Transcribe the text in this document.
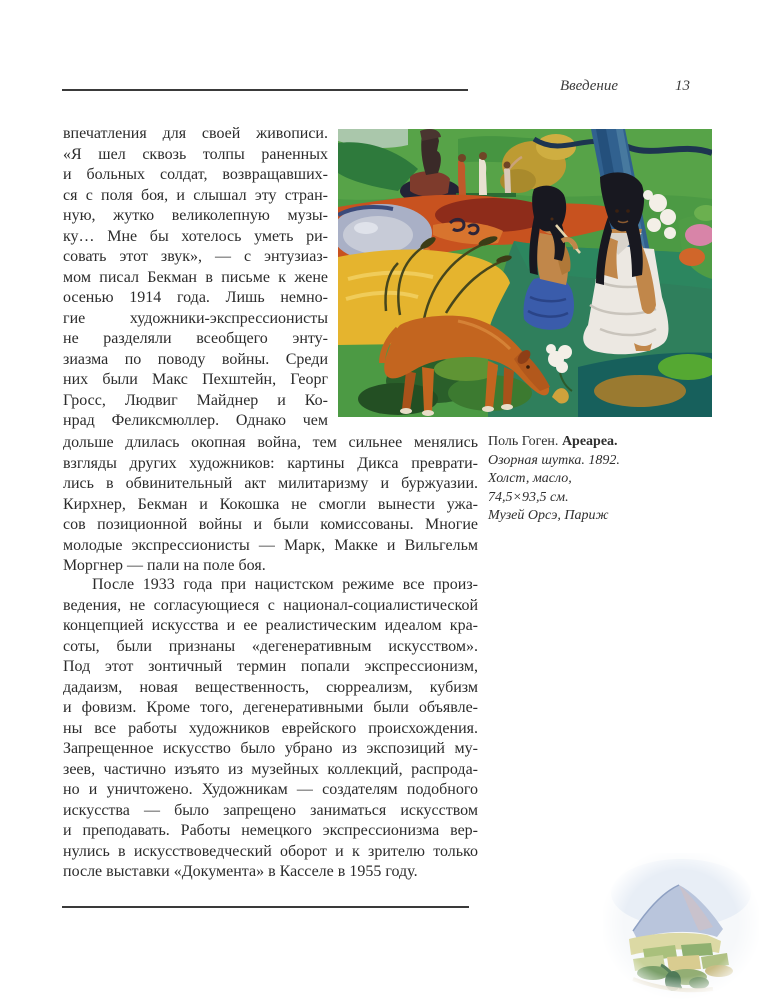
Введение	13
впечатления для своей живописи.
«Я шел сквозь толпы раненных
и больных солдат, возвращавших-
ся с поля боя, и слышал эту стран-
ную, жутко великолепную музы-
ку… Мне бы хотелось уметь ри-
совать этот звук», — с энтузиаз-
мом писал Бекман в письме к жене
осенью 1914 года. Лишь немно-
гие художники-экспрессионисты
не разделяли всеобщего энту-
зиазма по поводу войны. Среди
них были Макс Пехштейн, Георг
Гросс, Людвиг Майднер и Ко-
нрад Феликсмюллер. Однако чем
дольше длилась окопная война, тем сильнее менялись
взгляды других художников: картины Дикса преврати-
лись в обвинительный акт милитаризму и буржуазии.
Кирхнер, Бекман и Кокошка не смогли вынести ужа-
сов позиционной войны и были комиссованы. Многие
молодые экспрессионисты — Марк, Макке и Вильгельм
Моргнер — пали на поле боя.
После 1933 года при нацистском режиме все произ-
ведения, не согласующиеся с национал-социалистической
концепцией искусства и ее реалистическим идеалом кра-
соты, были признаны «дегенеративным искусством».
Под этот зонтичный термин попали экспрессионизм,
дадаизм, новая вещественность, сюрреализм, кубизм
и фовизм. Кроме того, дегенеративными были объявле-
ны все работы художников еврейского происхождения.
Запрещенное искусство было убрано из экспозиций му-
зеев, частично изъято из музейных коллекций, распрода-
но и уничтожено. Художникам — создателям подобного
искусства — было запрещено заниматься искусством
и преподавать. Работы немецкого экспрессионизма вер-
нулись в искусствоведческий оборот и к зрителю только
после выставки «Документа» в Касселе в 1955 году.
Поль Гоген. Ареареа.
Озорная шутка. 1892.
Холст, масло,
74,5×93,5 см.
Музей Орсэ, Париж
